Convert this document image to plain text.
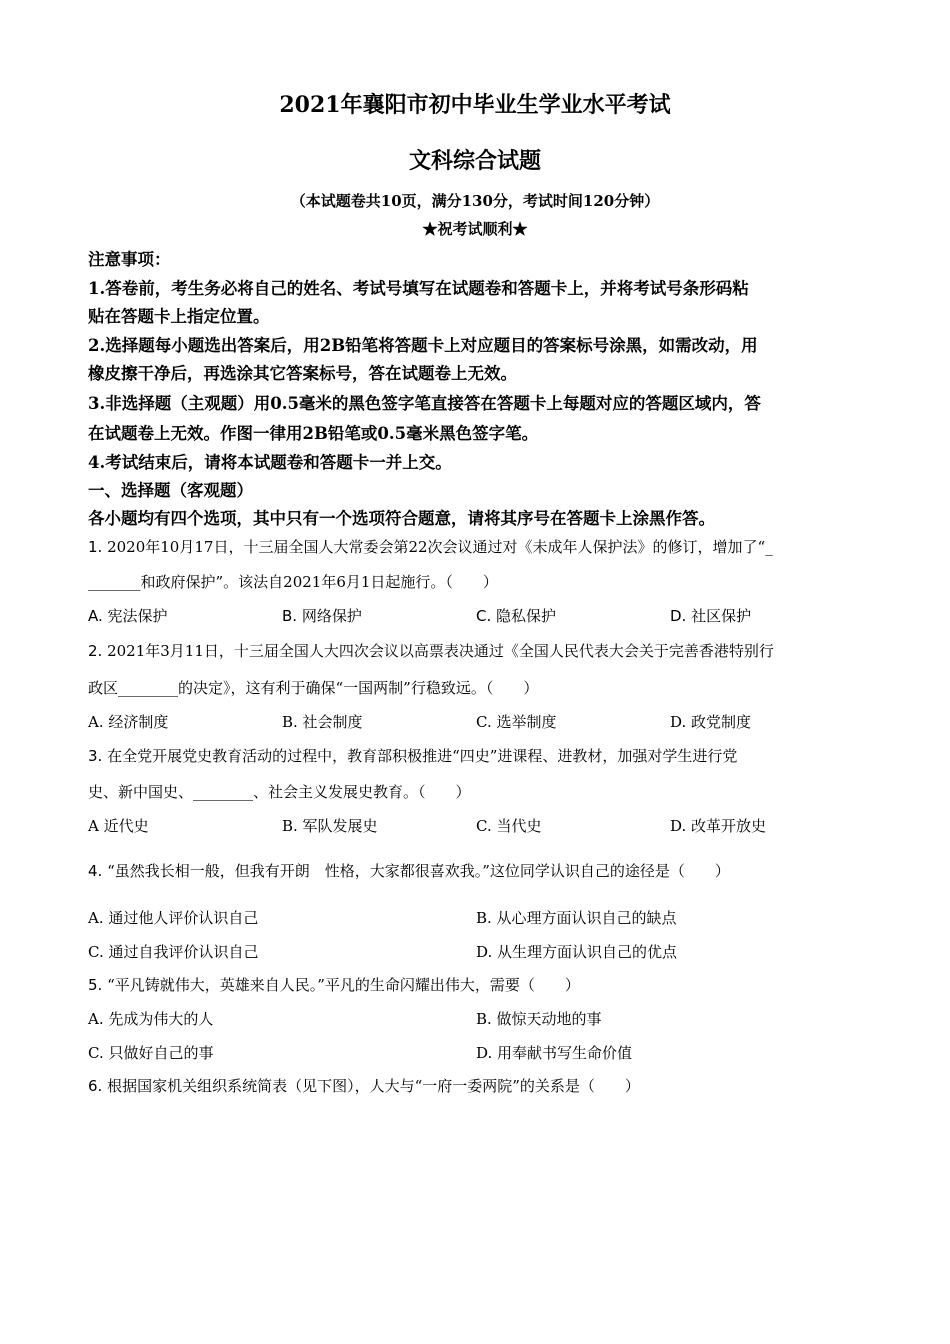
2021年襄阳市初中毕业生学业水平考试
文科综合试题
（本试题卷共10页，满分130分，考试时间120分钟）
★祝考试顺利★
注意事项：
1.答卷前，考生务必将自己的姓名、考试号填写在试题卷和答题卡上，并将考试号条形码粘
贴在答题卡上指定位置。
2.选择题每小题选出答案后，用2B铅笔将答题卡上对应题目的答案标号涂黑，如需改动，用
橡皮擦干净后，再选涂其它答案标号，答在试题卷上无效。
3.非选择题（主观题）用0.5毫米的黑色签字笔直接答在答题卡上每题对应的答题区域内，答
在试题卷上无效。作图一律用2B铅笔或0.5毫米黑色签字笔。
4.考试结束后，请将本试题卷和答题卡一并上交。
一、选择题（客观题）
各小题均有四个选项，其中只有一个选项符合题意，请将其序号在答题卡上涂黑作答。
1. 2020年10月17日，十三届全国人大常委会第22次会议通过对《未成年人保护法》的修订，增加了“_
_______和政府保护”。该法自2021年6月1日起施行。（　　）
A. 宪法保护	B. 网络保护	C. 隐私保护	D. 社区保护
2. 2021年3月11日，十三届全国人大四次会议以高票表决通过《全国人民代表大会关于完善香港特别行
政区________的决定》，这有利于确保“一国两制”行稳致远。（　　）
A. 经济制度	B. 社会制度	C. 选举制度	D. 政党制度
3. 在全党开展党史教育活动的过程中，教育部积极推进“四史”进课程、进教材，加强对学生进行党
史、新中国史、________、社会主义发展史教育。（　　）
A 近代史	B. 军队发展史	C. 当代史	D. 改革开放史
4. “虽然我长相一般，但我有开朗　性格，大家都很喜欢我。”这位同学认识自己的途径是（　　）
A. 通过他人评价认识自己	B. 从心理方面认识自己的缺点
C. 通过自我评价认识自己	D. 从生理方面认识自己的优点
5. “平凡铸就伟大，英雄来自人民。”平凡的生命闪耀出伟大，需要（　　）
A. 先成为伟大的人	B. 做惊天动地的事
C. 只做好自己的事	D. 用奉献书写生命价值
6. 根据国家机关组织系统简表（见下图），人大与“一府一委两院”的关系是（　　）
